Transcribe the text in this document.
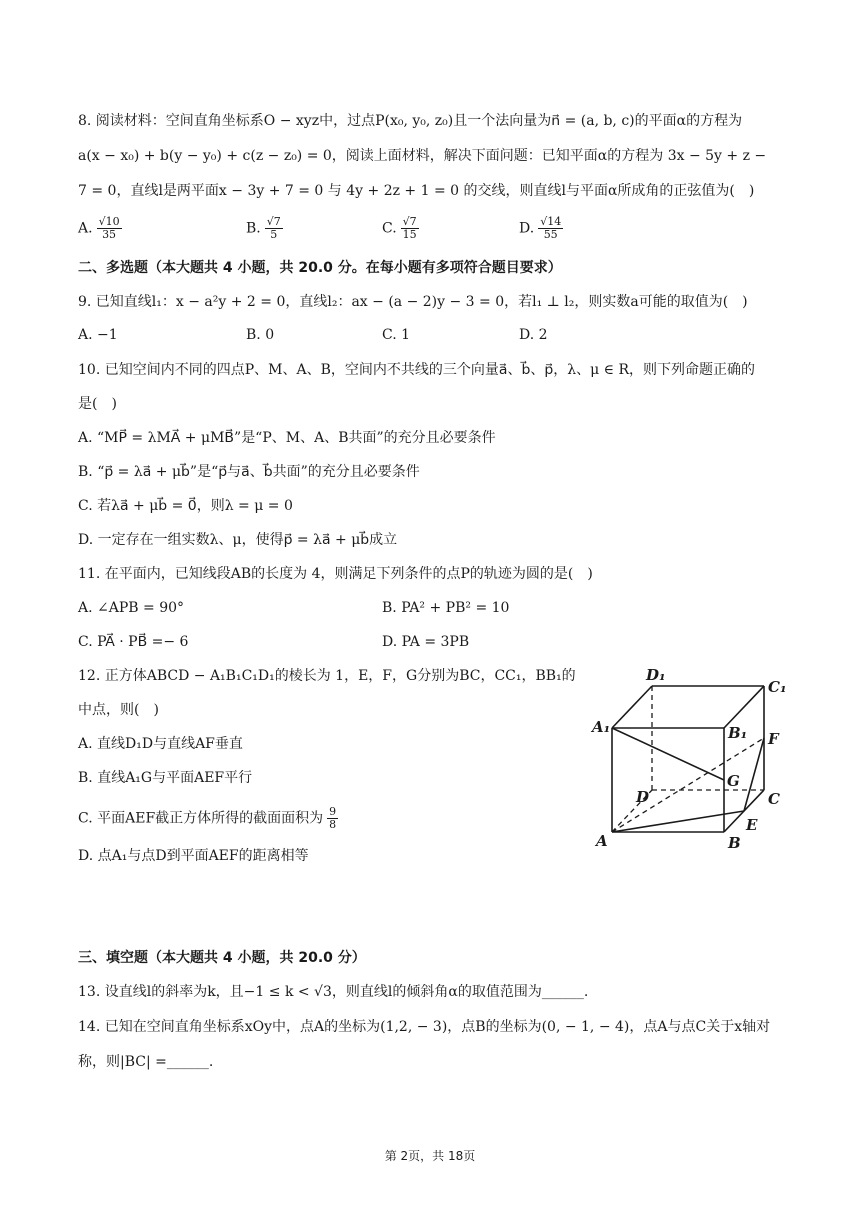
8. 阅读材料：空间直角坐标系O − xyz中，过点P(x₀, y₀, z₀)且一个法向量为n⃗ = (a, b, c)的平面α的方程为
a(x − x₀) + b(y − y₀) + c(z − z₀) = 0，阅读上面材料，解决下面问题：已知平面α的方程为 3x − 5y + z −
7 = 0，直线l是两平面x − 3y + 7 = 0 与 4y + 2z + 1 = 0 的交线，则直线l与平面α所成角的正弦值为(　)
A. $\frac{√10}{35}$	B. $\frac{√7}{5}$	C. $\frac{√7}{15}$	D. $\frac{√14}{55}$
二、多选题（本大题共 4 小题，共 20.0 分。在每小题有多项符合题目要求）
9. 已知直线l₁：x − a²y + 2 = 0，直线l₂：ax − (a − 2)y − 3 = 0，若l₁ ⊥ l₂，则实数a可能的取值为(　)
A. −1	B. 0	C. 1	D. 2
10. 已知空间内不同的四点P、M、A、B，空间内不共线的三个向量a⃗、b⃗、p⃗，λ、μ ∈ R，则下列命题正确的
是(　)
A. “MP⃗ = λMA⃗ + μMB⃗”是“P、M、A、B共面”的充分且必要条件
B. “p⃗ = λa⃗ + μb⃗”是“p⃗与a⃗、b⃗共面”的充分且必要条件
C. 若λa⃗ + μb⃗ = 0⃗，则λ = μ = 0
D. 一定存在一组实数λ、μ，使得p⃗ = λa⃗ + μb⃗成立
11. 在平面内，已知线段AB的长度为 4，则满足下列条件的点P的轨迹为圆的是(　)
A. ∠APB = 90°	B. PA² + PB² = 10
C. PA⃗ · PB⃗ =− 6	D. PA = 3PB
12. 正方体ABCD − A₁B₁C₁D₁的棱长为 1，E，F，G分别为BC，CC₁，BB₁的
中点，则(　)
A. 直线D₁D与直线AF垂直
B. 直线A₁G与平面AEF平行
C. 平面AEF截正方体所得的截面面积为 $\frac{9}{8}$
D. 点A₁与点D到平面AEF的距离相等
D₁
C₁
A₁	B₁ F
G
D	C
E
A	B
三、填空题（本大题共 4 小题，共 20.0 分）
13. 设直线l的斜率为k，且−1 ≤ k < √3，则直线l的倾斜角α的取值范围为______.
14. 已知在空间直角坐标系xOy中，点A的坐标为(1,2, − 3)，点B的坐标为(0, − 1, − 4)，点A与点C关于x轴对
称，则|BC| =______.
第 2页，共 18页
